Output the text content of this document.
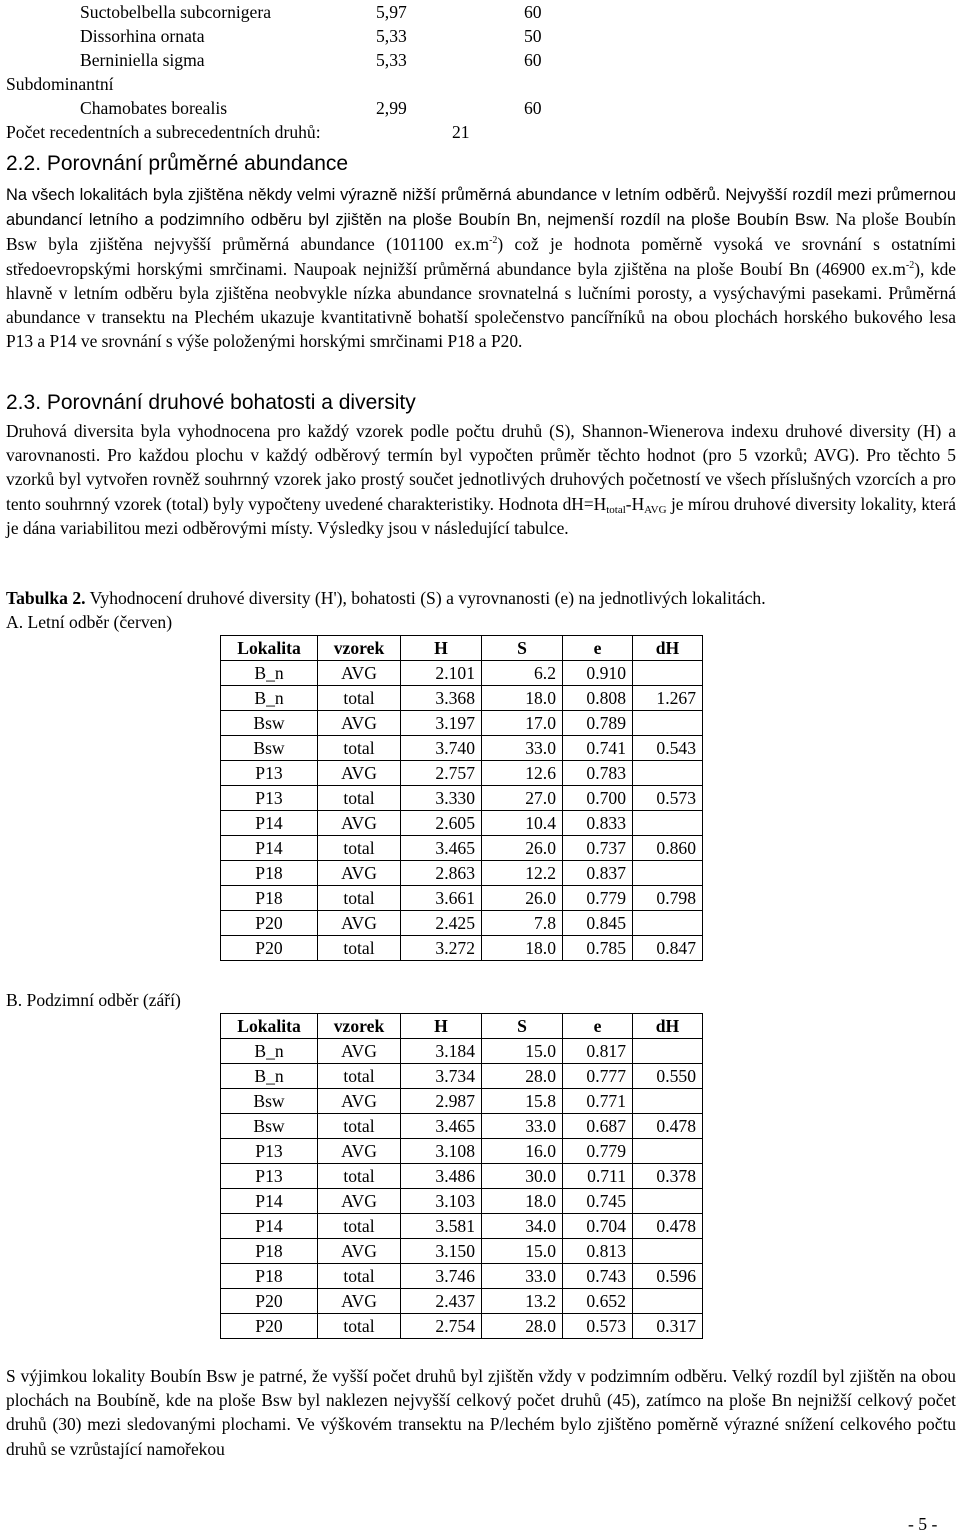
Suctobelbella subcornigera	5,97	60
Dissorhina ornata	5,33	50
Berniniella sigma	5,33	60
Subdominantní
Chamobates borealis	2,99	60
Počet recedentních a subrecedentních druhů:	21
2.2. Porovnání průměrné abundance
Na všech lokalitách byla zjištěna někdy velmi výrazně nižší průměrná abundance v letním odběrů. Nejvyšší rozdíl mezi průmernou abundancí letního a podzimního odběru byl zjištěn na ploše Boubín Bn, nejmenší rozdíl na ploše Boubín Bsw. Na ploše Boubín Bsw byla zjištěna nejvyšší průměrná abundance (101100 $ex.m^{-2}$) což je hodnota poměrně vysoká ve srovnání s ostatními středoevropskými horskými smrčinami. Naupoak nejnižší průměrná abundance byla zjištěna na ploše Boubí Bn (46900 $ex.m^{-2}$), kde hlavně v letním odběru byla zjištěna neobvykle nízka abundance srovnatelná s lučními porosty, a vysýchavými pasekami. Průměrná abundance v transektu na Plechém ukazuje kvantitativně bohatší společenstvo pancířníků na obou plochách horského bukového lesa P13 a P14 ve srovnání s výše položenými horskými smrčinami P18 a P20.
2.3. Porovnání druhové bohatosti a diversity
Druhová diversita byla vyhodnocena pro každý vzorek podle počtu druhů (S), Shannon-Wienerova indexu druhové diversity (H) a varovnanosti. Pro každou plochu v každý odběrový termín byl vypočten průměr těchto hodnot (pro 5 vzorků; AVG). Pro těchto 5 vzorků byl vytvořen rovněž souhrnný vzorek jako prostý součet jednotlivých druhových početností ve všech příslušných vzorcích a pro tento souhrnný vzorek (total) byly vypočteny uvedené charakteristiky. Hodnota $dH=H_{total}-H_{AVG}$ je mírou druhové diversity lokality, která je dána variabilitou mezi odběrovými místy. Výsledky jsou v následující tabulce.
Tabulka 2. Vyhodnocení druhové diversity (H'), bohatosti (S) a vyrovnanosti (e) na jednotlivých lokalitách.
A. Letní odběr (červen)
Lokalita	vzorek	H	S	e	dH
B_n	AVG	2.101	6.2	0.910	
B_n	total	3.368	18.0	0.808	1.267
Bsw	AVG	3.197	17.0	0.789	
Bsw	total	3.740	33.0	0.741	0.543
P13	AVG	2.757	12.6	0.783	
P13	total	3.330	27.0	0.700	0.573
P14	AVG	2.605	10.4	0.833	
P14	total	3.465	26.0	0.737	0.860
P18	AVG	2.863	12.2	0.837	
P18	total	3.661	26.0	0.779	0.798
P20	AVG	2.425	7.8	0.845	
P20	total	3.272	18.0	0.785	0.847
B. Podzimní odběr (září)
Lokalita	vzorek	H	S	e	dH
B_n	AVG	3.184	15.0	0.817	
B_n	total	3.734	28.0	0.777	0.550
Bsw	AVG	2.987	15.8	0.771	
Bsw	total	3.465	33.0	0.687	0.478
P13	AVG	3.108	16.0	0.779	
P13	total	3.486	30.0	0.711	0.378
P14	AVG	3.103	18.0	0.745	
P14	total	3.581	34.0	0.704	0.478
P18	AVG	3.150	15.0	0.813	
P18	total	3.746	33.0	0.743	0.596
P20	AVG	2.437	13.2	0.652	
P20	total	2.754	28.0	0.573	0.317
S výjimkou lokality Boubín Bsw je patrné, že vyšší počet druhů byl zjištěn vždy v podzimním odběru. Velký rozdíl byl zjištěn na obou plochách na Boubíně, kde na ploše Bsw byl naklezen nejvyšší celkový počet druhů (45), zatímco na ploše Bn nejnižší celkový počet druhů (30) mezi sledovanými plochami. Ve výškovém transektu na P/lechém bylo zjištěno poměrně výrazné snížení celkového počtu druhů se vzrůstající namořekou
- 5 -
